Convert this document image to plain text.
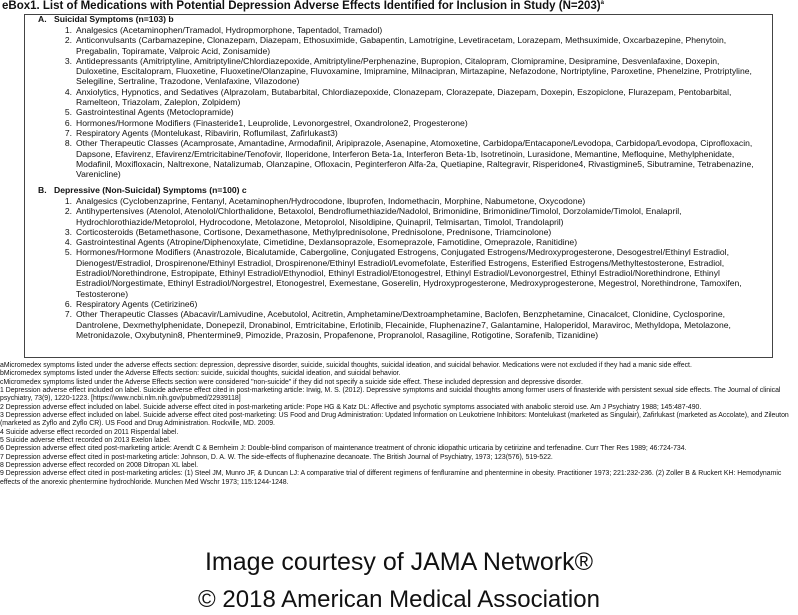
eBox1. List of Medications with Potential Depression Adverse Effects Identified for Inclusion in Study (N=203)$^a$
A. Suicidal Symptoms (n=103) b
1. Analgesics (Acetaminophen/Tramadol, Hydropmorphone, Tapentadol, Tramadol)
2. Anticonvulsants (Carbamazepine, Clonazepam, Diazepam, Ethosuximide, Gabapentin, Lamotrigine, Levetiracetam, Lorazepam, Methsuximide, Oxcarbazepine, Phenytoin, Pregabalin, Topiramate, Valproic Acid, Zonisamide)
3. Antidepressants (Amitriptyline, Amitriptyline/Chlordiazepoxide, Amitriptyline/Perphenazine, Bupropion, Citalopram, Clomipramine, Desipramine, Desvenlafaxine, Doxepin, Duloxetine, Escitalopram, Fluoxetine, Fluoxetine/Olanzapine, Fluvoxamine, Imipramine, Milnacipran, Mirtazapine, Nefazodone, Nortriptyline, Paroxetine, Phenelzine, Protriptyline, Selegiline, Sertraline, Trazodone, Venlafaxine, Vilazodone)
4. Anxiolytics, Hypnotics, and Sedatives (Alprazolam, Butabarbital, Chlordiazepoxide, Clonazepam, Clorazepate, Diazepam, Doxepin, Eszopiclone, Flurazepam, Pentobarbital, Ramelteon, Triazolam, Zaleplon, Zolpidem)
5. Gastrointestinal Agents (Metoclopramide)
6. Hormones/Hormone Modifiers (Finasteride1, Leuprolide, Levonorgestrel, Oxandrolone2, Progesterone)
7. Respiratory Agents (Montelukast, Ribavirin, Roflumilast, Zafirlukast3)
8. Other Therapeutic Classes (Acamprosate, Amantadine, Armodafinil, Aripiprazole, Asenapine, Atomoxetine, Carbidopa/Entacapone/Levodopa, Carbidopa/Levodopa, Ciprofloxacin, Dapsone, Efavirenz, Efavirenz/Emtricitabine/Tenofovir, Iloperidone, Interferon Beta-1a, Interferon Beta-1b, Isotretinoin, Lurasidone, Memantine, Mefloquine, Methylphenidate, Modafinil, Moxifloxacin, Naltrexone, Natalizumab, Olanzapine, Ofloxacin, Peginterferon Alfa-2a, Quetiapine, Raltegravir, Risperidone4, Rivastigmine5, Sibutramine, Tetrabenazine, Varenicline)
B. Depressive (Non-Suicidal) Symptoms (n=100) c
1. Analgesics (Cyclobenzaprine, Fentanyl, Acetaminophen/Hydrocodone, Ibuprofen, Indomethacin, Morphine, Nabumetone, Oxycodone)
2. Antihypertensives (Atenolol, Atenolol/Chlorthalidone, Betaxolol, Bendroflumethiazide/Nadolol, Brimonidine, Brimonidine/Timolol, Dorzolamide/Timolol, Enalapril, Hydrochlorothiazide/Metoprolol, Hydrocodone, Metolazone, Metoprolol, Nisoldipine, Quinapril, Telmisartan, Timolol, Trandolapril)
3. Corticosteroids (Betamethasone, Cortisone, Dexamethasone, Methylprednisolone, Prednisolone, Prednisone, Triamcinolone)
4. Gastrointestinal Agents (Atropine/Diphenoxylate, Cimetidine, Dexlansoprazole, Esomeprazole, Famotidine, Omeprazole, Ranitidine)
5. Hormones/Hormone Modifiers (Anastrozole, Bicalutamide, Cabergoline, Conjugated Estrogens, Conjugated Estrogens/Medroxyprogesterone, Desogestrel/Ethinyl Estradiol, Dienogest/Estradiol, Drospirenone/Ethinyl Estradiol, Drospirenone/Ethinyl Estradiol/Levomefolate, Esterified Estrogens, Esterified Estrogens/Methyltestosterone, Estradiol, Estradiol/Norethindrone, Estropipate, Ethinyl Estradiol/Ethynodiol, Ethinyl Estradiol/Etonogestrel, Ethinyl Estradiol/Levonorgestrel, Ethinyl Estradiol/Norethindrone, Ethinyl Estradiol/Norgestimate, Ethinyl Estradiol/Norgestrel, Etonogestrel, Exemestane, Goserelin, Hydroxyprogesterone, Medroxyprogesterone, Megestrol, Norethindrone, Tamoxifen, Testosterone)
6. Respiratory Agents (Cetirizine6)
7. Other Therapeutic Classes (Abacavir/Lamivudine, Acebutolol, Acitretin, Amphetamine/Dextroamphetamine, Baclofen, Benzphetamine, Cinacalcet, Clonidine, Cyclosporine, Dantrolene, Dexmethylphenidate, Donepezil, Dronabinol, Emtricitabine, Erlotinib, Flecainide, Fluphenazine7, Galantamine, Haloperidol, Maraviroc, Methyldopa, Metolazone, Metronidazole, Oxybutynin8, Phentermine9, Pimozide, Prazosin, Propafenone, Propranolol, Rasagiline, Rotigotine, Sorafenib, Tizanidine)

aMicromedex symptoms listed under the adverse effects section: depression, depressive disorder, suicide, suicidal thoughts, suicidal ideation, and suicidal behavior. Medications were not excluded if they had a manic side effect.

bMicromedex symptoms listed under the Adverse Effects section: suicide, suicidal thoughts, suicidal ideation, and suicidal behavior.

cMicromedex symptoms listed under the Adverse Effects section were considered "non-suicide" if they did not specify a suicide side effect. These included depression and depressive disorder.

1 Depression adverse effect included on label. Suicide adverse effect cited in post-marketing article: Irwig, M. S. (2012). Depressive symptoms and suicidal thoughts among former users of finasteride with persistent sexual side effects. The Journal of clinical psychiatry, 73(9), 1220-1223. [https://www.ncbi.nlm.nih.gov/pubmed/22939118]

2 Depression adverse effect included on label. Suicide adverse effect cited in post-marketing article: Pope HG & Katz DL: Affective and psychotic symptoms associated with anabolic steroid use. Am J Psychiatry 1988; 145:487-490.

3 Depression adverse effect included on label. Suicide adverse effect cited post-marketing: US Food and Drug Administration: Updated Information on Leukotriene Inhibitors: Montelukast (marketed as Singulair), Zafirlukast (marketed as Accolate), and Zileuton (marketed as Zyflo and Zyflo CR). US Food and Drug Administration. Rockville, MD. 2009.

4 Suicide adverse effect recorded on 2011 Risperdal label.

5 Suicide adverse effect recorded on 2013 Exelon label.

6 Depression adverse effect cited post-marketing article: Arendt C & Bernheim J: Double-blind comparison of maintenance treatment of chronic idiopathic urticaria by cetirizine and terfenadine. Curr Ther Res 1989; 46:724-734.

7 Depression adverse effect cited in post-marketing article: Johnson, D. A. W. The side-effects of fluphenazine decanoate. The British Journal of Psychiatry, 1973; 123(576), 519-522.

8 Depression adverse effect recorded on 2008 Ditropan XL label.

9 Depression adverse effect cited in post-marketing articles: (1) Steel JM, Munro JF, & Duncan LJ: A comparative trial of different regimens of fenfluramine and phentermine in obesity. Practitioner 1973; 221:232-236. (2) Zoller B & Ruckert KH: Hemodynamic effects of the anorexic phentermine hydrochloride. Munchen Med Wschr 1973; 115:1244-1248.

Image courtesy of JAMA Network®
© 2018 American Medical Association
